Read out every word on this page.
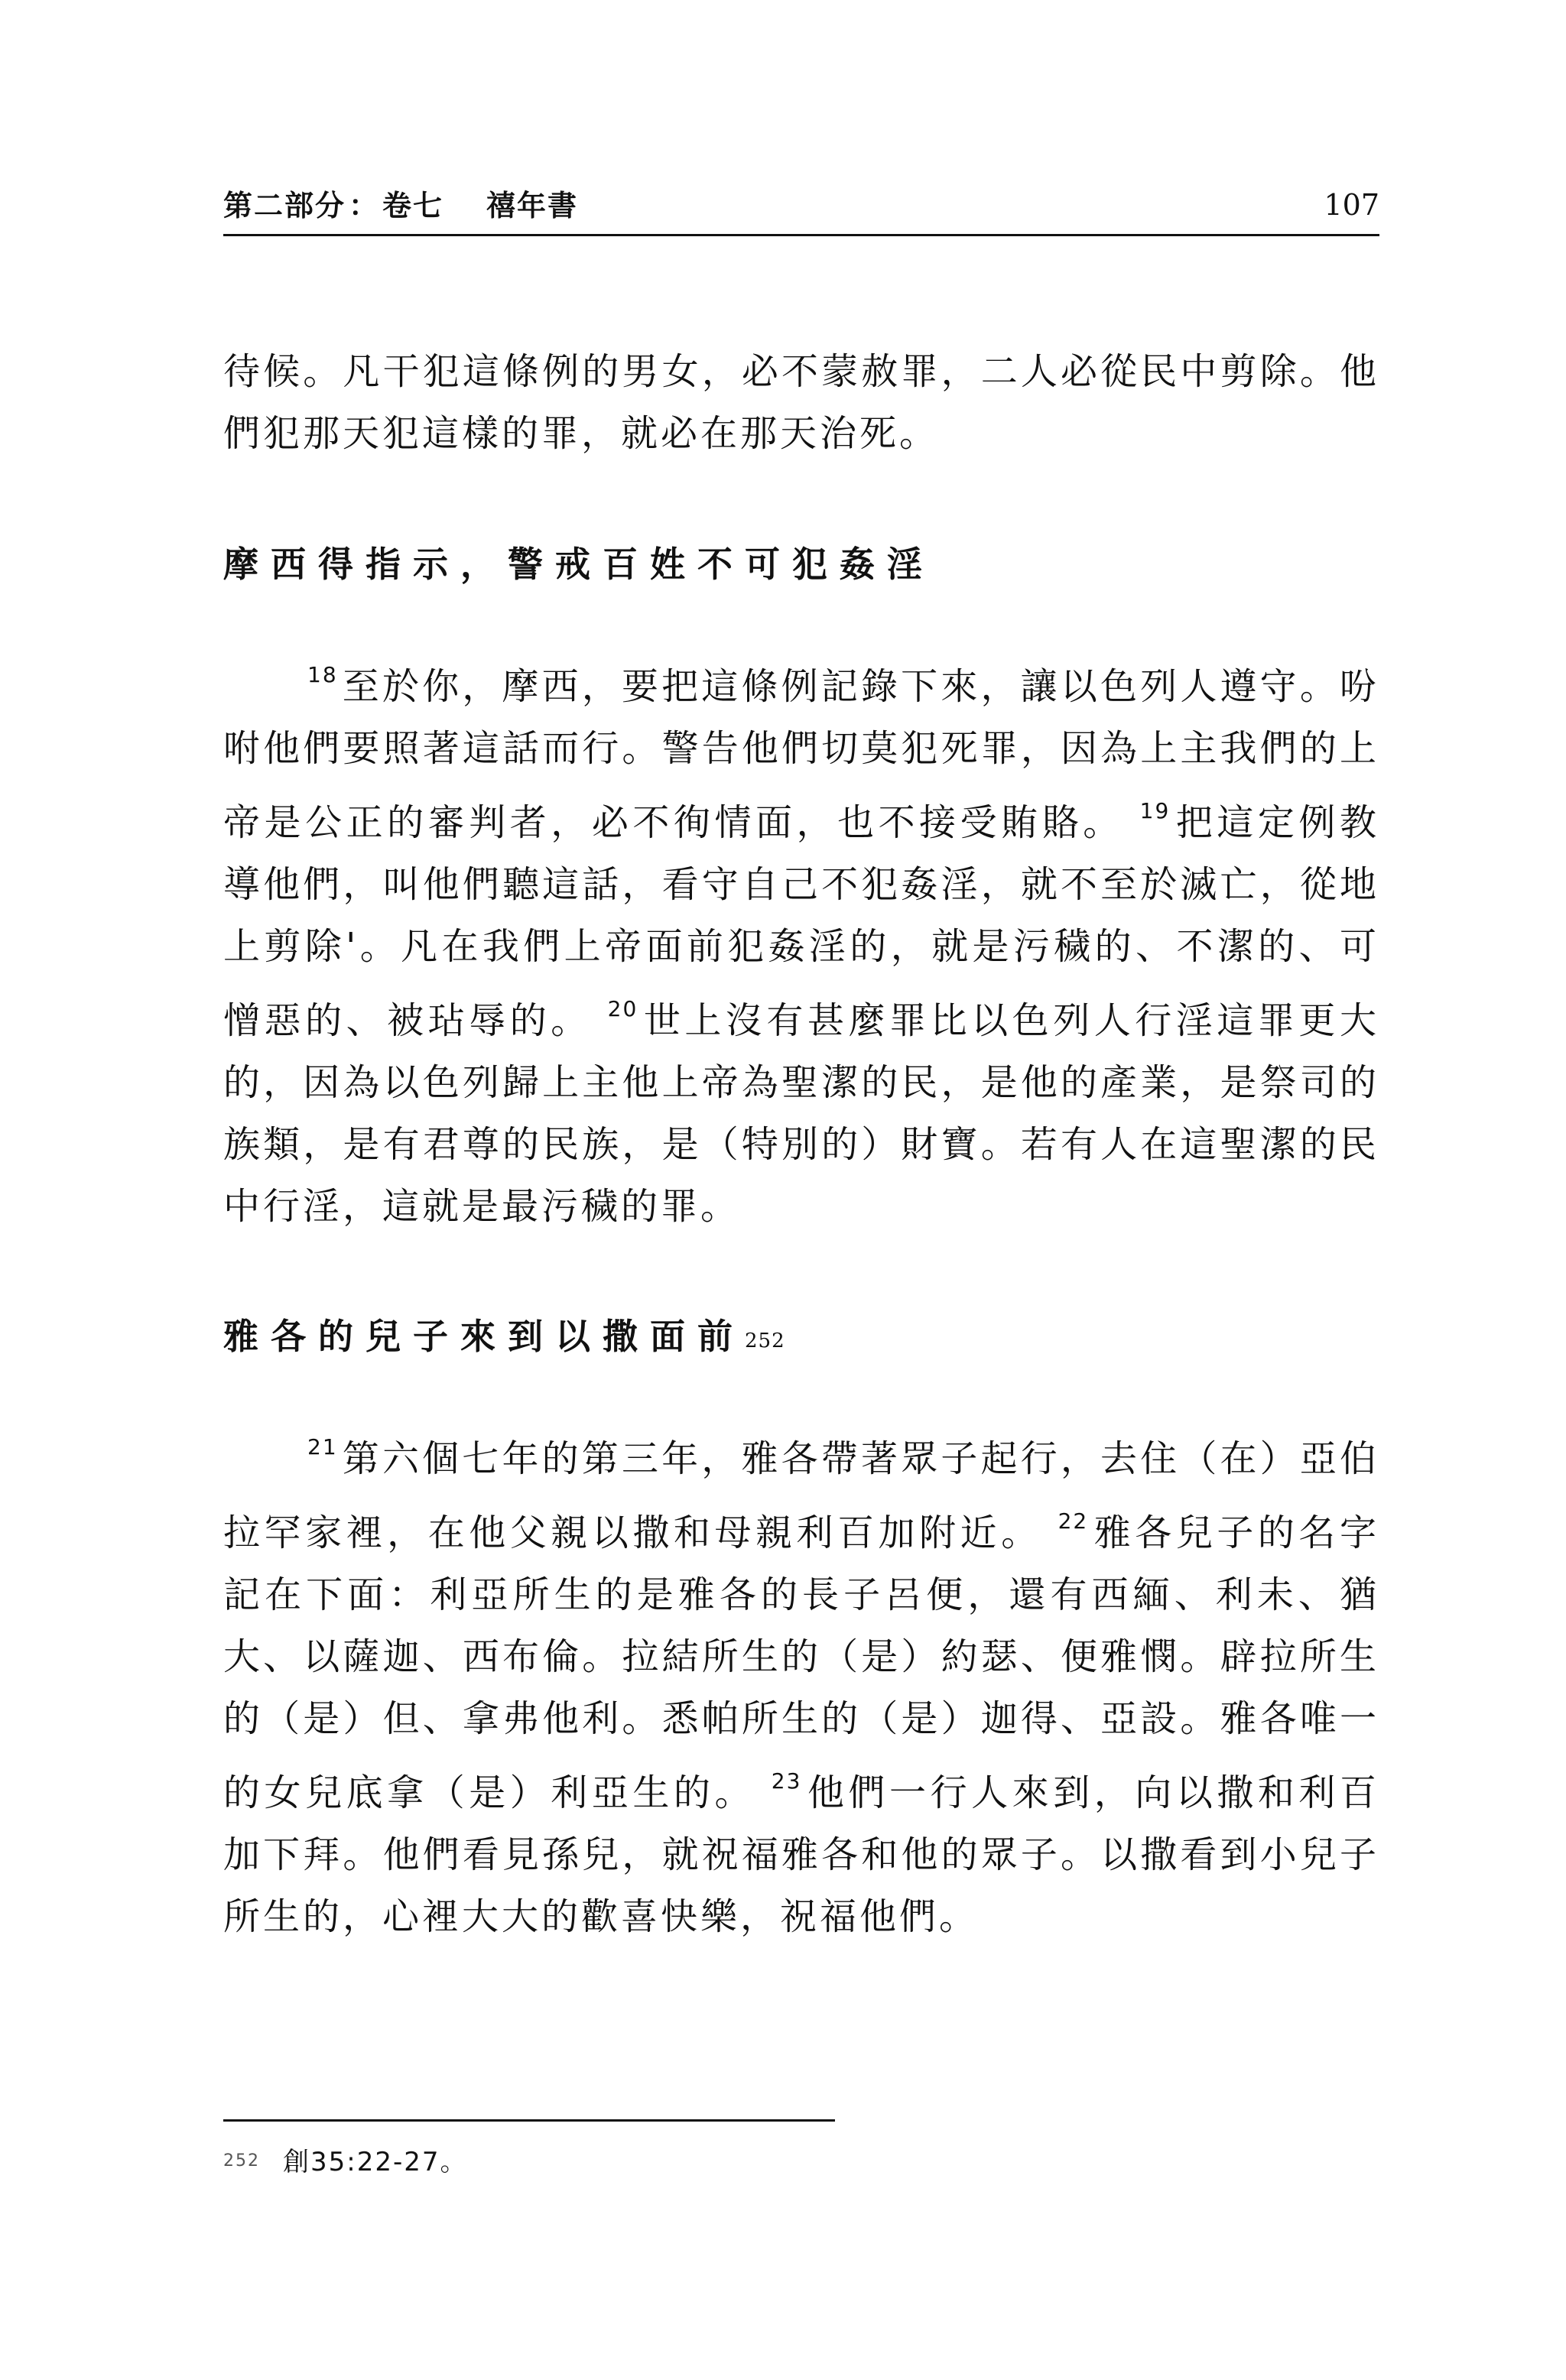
第二部分 ： 卷七 禧年書	107

待候。凡干犯這條例的男女，必不蒙赦罪，二人必從民中剪除。他們犯那天犯這樣的罪，就必在那天治死。

摩西得指示，警戒百姓不可犯姦淫

$^{18}$ 至於你，摩西，要把這條例記錄下來，讓以色列人遵守。吩咐他們要照著這話而行。警告他們切莫犯死罪，因為上主我們的上帝是公正的審判者，必不徇情面，也不接受賄賂。 $^{19}$ 把這定例教導他們，叫他們聽這話，看守自己不犯姦淫，就不至於滅亡，從地上剪除'。凡在我們上帝面前犯姦淫的，就是污穢的、不潔的、可憎惡的、被玷辱的。 $^{20}$ 世上沒有甚麼罪比以色列人行淫這罪更大的，因為以色列歸上主他上帝為聖潔的民，是他的產業，是祭司的族類，是有君尊的民族，是（特別的）財寶。若有人在這聖潔的民中行淫，這就是最污穢的罪。

雅各的兒子來到以撒面前252

$^{21}$ 第六個七年的第三年，雅各帶著眾子起行，去住（在）亞伯拉罕家裡，在他父親以撒和母親利百加附近。 $^{22}$ 雅各兒子的名字記在下面：利亞所生的是雅各的長子呂便，還有西緬、利未、猶大、以薩迦、西布倫。拉結所生的（是）約瑟、便雅憫。辟拉所生的（是）但、拿弗他利。悉帕所生的（是）迦得、亞設。雅各唯一的女兒底拿（是）利亞生的。 $^{23}$ 他們一行人來到，向以撒和利百加下拜。他們看見孫兒，就祝福雅各和他的眾子。以撒看到小兒子所生的，心裡大大的歡喜快樂，祝福他們。

252 創35:22-27。
